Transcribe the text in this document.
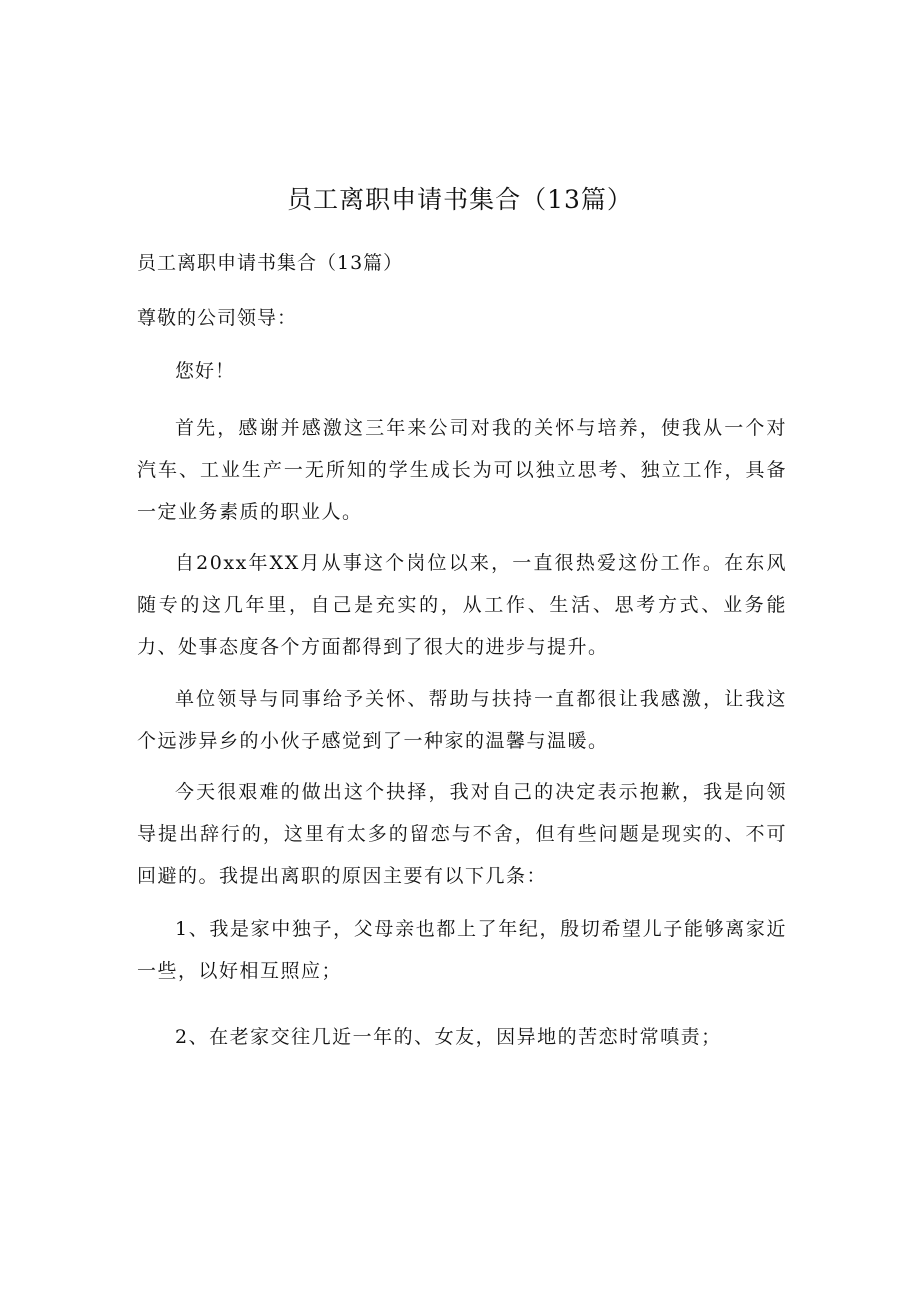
员工离职申请书集合（13篇）
员工离职申请书集合（13篇）
尊敬的公司领导：
您好！
首先，感谢并感激这三年来公司对我的关怀与培养，使我从一个对汽车、工业生产一无所知的学生成长为可以独立思考、独立工作，具备一定业务素质的职业人。
自20xx年XX月从事这个岗位以来，一直很热爱这份工作。在东风随专的这几年里，自己是充实的，从工作、生活、思考方式、业务能力、处事态度各个方面都得到了很大的进步与提升。
单位领导与同事给予关怀、帮助与扶持一直都很让我感激，让我这个远涉异乡的小伙子感觉到了一种家的温馨与温暖。
今天很艰难的做出这个抉择，我对自己的决定表示抱歉，我是向领导提出辞行的，这里有太多的留恋与不舍，但有些问题是现实的、不可回避的。我提出离职的原因主要有以下几条：
1、我是家中独子，父母亲也都上了年纪，殷切希望儿子能够离家近一些，以好相互照应；
2、在老家交往几近一年的、女友，因异地的苦恋时常嗔责；
